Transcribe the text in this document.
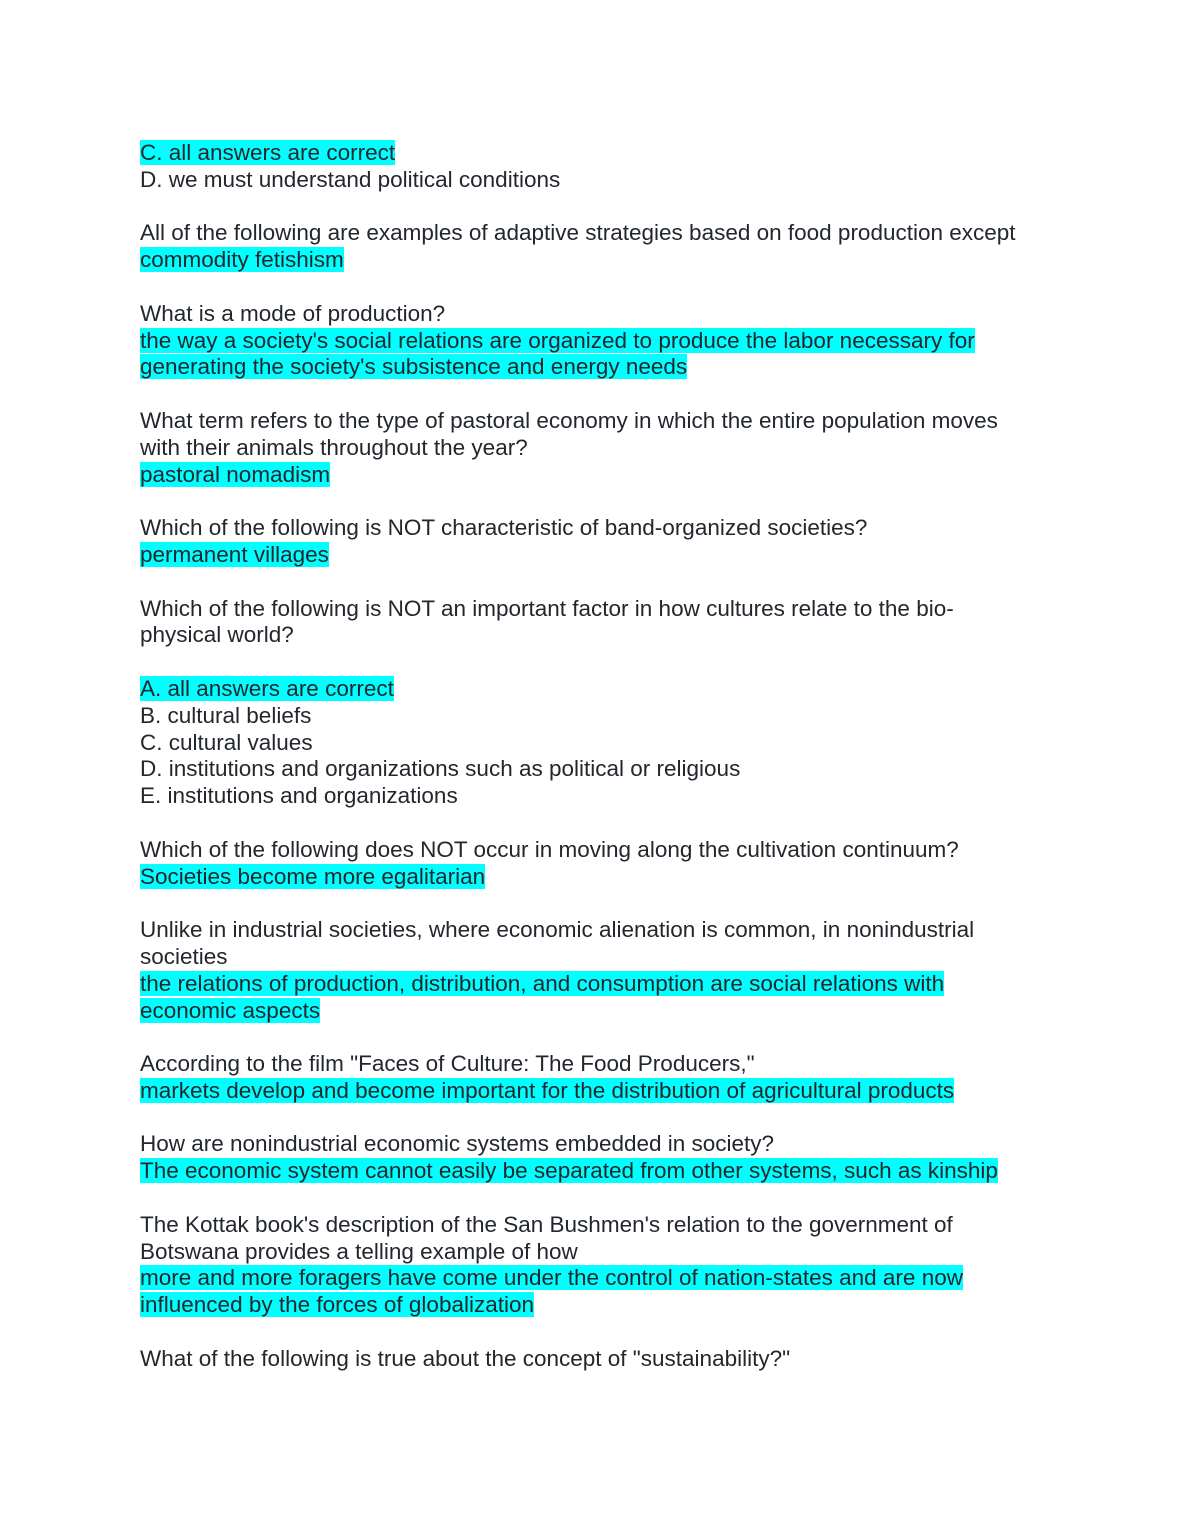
C. all answers are correct
D. we must understand political conditions
All of the following are examples of adaptive strategies based on food production except
commodity fetishism
What is a mode of production?
the way a society's social relations are organized to produce the labor necessary for
generating the society's subsistence and energy needs
What term refers to the type of pastoral economy in which the entire population moves
with their animals throughout the year?
pastoral nomadism
Which of the following is NOT characteristic of band-organized societies?
permanent villages
Which of the following is NOT an important factor in how cultures relate to the bio-
physical world?
A. all answers are correct
B. cultural beliefs
C. cultural values
D. institutions and organizations such as political or religious
E. institutions and organizations
Which of the following does NOT occur in moving along the cultivation continuum?
Societies become more egalitarian
Unlike in industrial societies, where economic alienation is common, in nonindustrial
societies
the relations of production, distribution, and consumption are social relations with
economic aspects
According to the film "Faces of Culture: The Food Producers,"
markets develop and become important for the distribution of agricultural products
How are nonindustrial economic systems embedded in society?
The economic system cannot easily be separated from other systems, such as kinship
The Kottak book's description of the San Bushmen's relation to the government of
Botswana provides a telling example of how
more and more foragers have come under the control of nation-states and are now
influenced by the forces of globalization
What of the following is true about the concept of "sustainability?"
